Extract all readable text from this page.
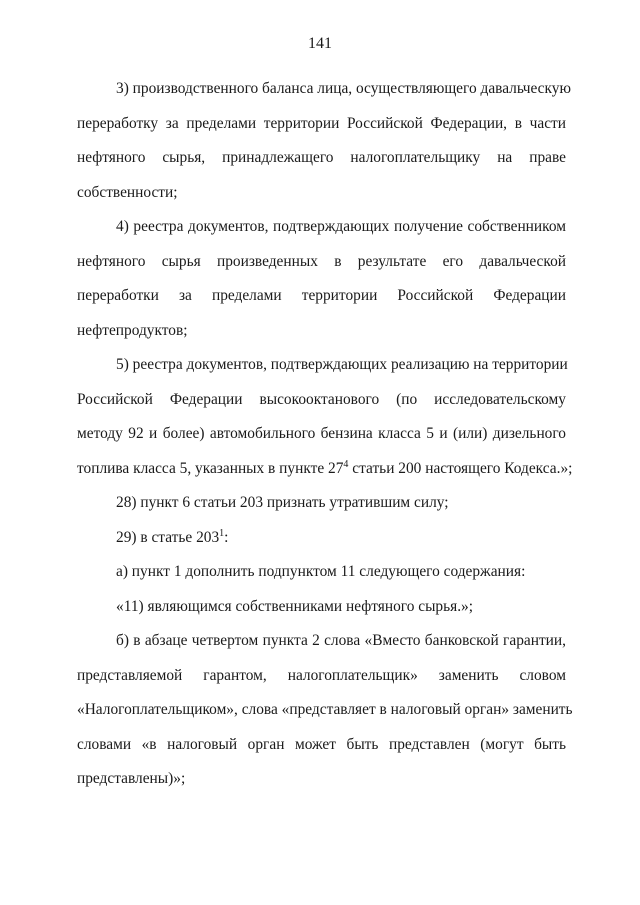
141

3) производственного баланса лица, осуществляющего давальческую
переработку за пределами территории Российской Федерации, в части
нефтяного сырья, принадлежащего налогоплательщику на праве
собственности;

4) реестра документов, подтверждающих получение собственником
нефтяного сырья произведенных в результате его давальческой
переработки за пределами территории Российской Федерации
нефтепродуктов;

5) реестра документов, подтверждающих реализацию на территории
Российской Федерации высокооктанового (по исследовательскому
методу 92 и более) автомобильного бензина класса 5 и (или) дизельного
топлива класса 5, указанных в пункте $27^4$ статьи 200 настоящего Кодекса.»;

28) пункт 6 статьи 203 признать утратившим силу;

29) в статье $203^1$:

а) пункт 1 дополнить подпунктом 11 следующего содержания:

«11) являющимся собственниками нефтяного сырья.»;

б) в абзаце четвертом пункта 2 слова «Вместо банковской гарантии,
представляемой гарантом, налогоплательщик» заменить словом
«Налогоплательщиком», слова «представляет в налоговый орган» заменить
словами «в налоговый орган может быть представлен (могут быть
представлены)»;
